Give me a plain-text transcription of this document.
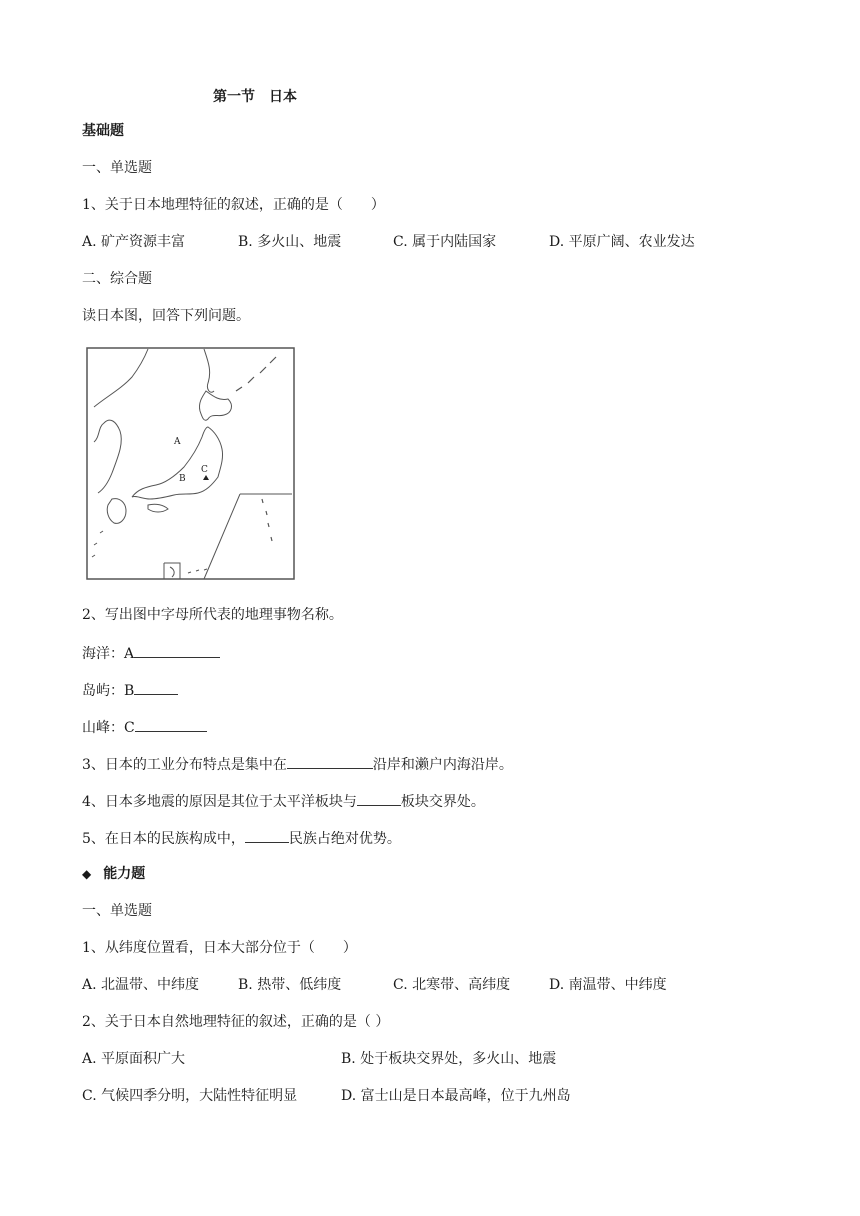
第一节 日本
基础题
一、单选题
1、关于日本地理特征的叙述，正确的是（　　）
A. 矿产资源丰富	B. 多火山、地震	C. 属于内陆国家	D. 平原广阔、农业发达
二、综合题
读日本图，回答下列问题。
A
B
C
2、写出图中字母所代表的地理事物名称。
海洋：A
岛屿：B
山峰：C
3、日本的工业分布特点是集中在	沿岸和濑户内海沿岸。
4、日本多地震的原因是其位于太平洋板块与	板块交界处。
5、在日本的民族构成中，	民族占绝对优势。
◆ 能力题
一、单选题
1、从纬度位置看，日本大部分位于（　　）
A. 北温带、中纬度	B. 热带、低纬度	C. 北寒带、高纬度	D. 南温带、中纬度
2、关于日本自然地理特征的叙述，正确的是（ ）
A. 平原面积广大	B. 处于板块交界处，多火山、地震
C. 气候四季分明，大陆性特征明显	D. 富士山是日本最高峰，位于九州岛
